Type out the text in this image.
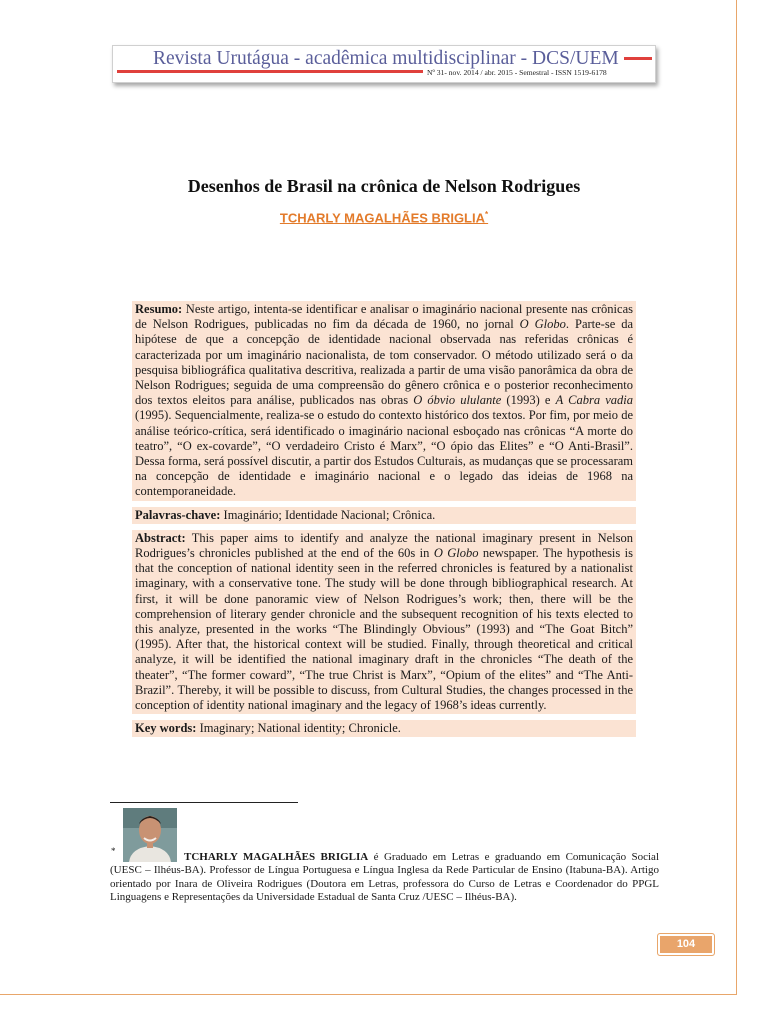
Revista Urutágua - acadêmica multidisciplinar - DCS/UEM
Nº 31- nov. 2014 / abr. 2015 - Semestral - ISSN 1519-6178
Desenhos de Brasil na crônica de Nelson Rodrigues
TCHARLY MAGALHÃES BRIGLIA*

Resumo: Neste artigo, intenta-se identificar e analisar o imaginário nacional presente nas crônicas de Nelson Rodrigues, publicadas no fim da década de 1960, no jornal O Globo. Parte-se da hipótese de que a concepção de identidade nacional observada nas referidas crônicas é caracterizada por um imaginário nacionalista, de tom conservador. O método utilizado será o da pesquisa bibliográfica qualitativa descritiva, realizada a partir de uma visão panorâmica da obra de Nelson Rodrigues; seguida de uma compreensão do gênero crônica e o posterior reconhecimento dos textos eleitos para análise, publicados nas obras O óbvio ululante (1993) e A Cabra vadia (1995). Sequencialmente, realiza-se o estudo do contexto histórico dos textos. Por fim, por meio de análise teórico-crítica, será identificado o imaginário nacional esboçado nas crônicas “A morte do teatro”, “O ex-covarde”, “O verdadeiro Cristo é Marx”, “O ópio das Elites” e “O Anti-Brasil”. Dessa forma, será possível discutir, a partir dos Estudos Culturais, as mudanças que se processaram na concepção de identidade e imaginário nacional e o legado das ideias de 1968 na contemporaneidade.

Palavras-chave: Imaginário; Identidade Nacional; Crônica.

Abstract: This paper aims to identify and analyze the national imaginary present in Nelson Rodrigues’s chronicles published at the end of the 60s in O Globo newspaper. The hypothesis is that the conception of national identity seen in the referred chronicles is featured by a nationalist imaginary, with a conservative tone. The study will be done through bibliographical research. At first, it will be done panoramic view of Nelson Rodrigues’s work; then, there will be the comprehension of literary gender chronicle and the subsequent recognition of his texts elected to this analyze, presented in the works “The Blindingly Obvious” (1993) and “The Goat Bitch” (1995). After that, the historical context will be studied. Finally, through theoretical and critical analyze, it will be identified the national imaginary draft in the chronicles “The death of the theater”, “The former coward”, “The true Christ is Marx”, “Opium of the elites” and “The Anti-Brazil”. Thereby, it will be possible to discuss, from Cultural Studies, the changes processed in the conception of identity national imaginary and the legacy of 1968’s ideas currently.

Key words: Imaginary; National identity; Chronicle.

*	TCHARLY MAGALHÃES BRIGLIA é Graduado em Letras e graduando em Comunicação Social (UESC – Ilhéus-BA). Professor de Língua Portuguesa e Língua Inglesa da Rede Particular de Ensino (Itabuna-BA). Artigo orientado por Inara de Oliveira Rodrigues (Doutora em Letras, professora do Curso de Letras e Coordenador do PPGL Linguagens e Representações da Universidade Estadual de Santa Cruz /UESC – Ilhéus-BA).
104
